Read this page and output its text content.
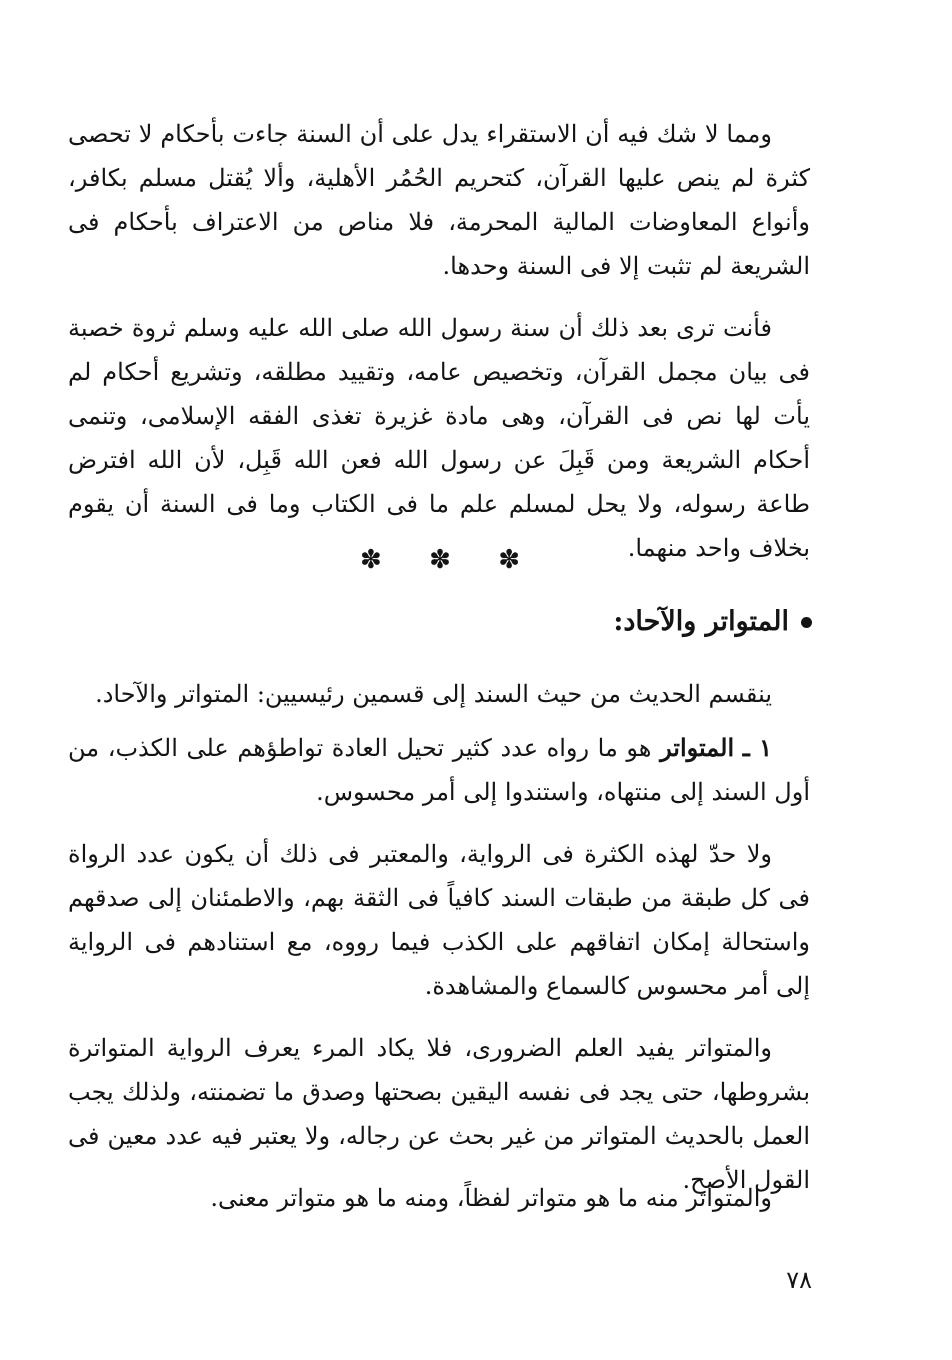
ومما لا شك فيه أن الاستقراء يدل على أن السنة جاءت بأحكام لا تحصى كثرة لم ينص عليها القرآن، كتحريم الحُمُر الأهلية، وألا يُقتل مسلم بكافر، وأنواع المعاوضات المالية المحرمة، فلا مناص من الاعتراف بأحكام فى الشريعة لم تثبت إلا فى السنة وحدها.

فأنت ترى بعد ذلك أن سنة رسول الله صلى الله عليه وسلم ثروة خصبة فى بيان مجمل القرآن، وتخصيص عامه، وتقييد مطلقه، وتشريع أحكام لم يأت لها نص فى القرآن، وهى مادة غزيرة تغذى الفقه الإسلامى، وتنمى أحكام الشريعة ومن قَبِلَ عن رسول الله فعن الله قَبِل، لأن الله افترض طاعة رسوله، ولا يحل لمسلم علم ما فى الكتاب وما فى السنة أن يقوم بخلاف واحد منهما.

✽
✽
✽
المتواتر والآحاد:

ينقسم الحديث من حيث السند إلى قسمين رئيسيين: المتواتر والآحاد.

١ ـ المتواتر هو ما رواه عدد كثير تحيل العادة تواطؤهم على الكذب، من أول السند إلى منتهاه، واستندوا إلى أمر محسوس.

ولا حدّ لهذه الكثرة فى الرواية، والمعتبر فى ذلك أن يكون عدد الرواة فى كل طبقة من طبقات السند كافياً فى الثقة بهم، والاطمئنان إلى صدقهم واستحالة إمكان اتفاقهم على الكذب فيما رووه، مع استنادهم فى الرواية إلى أمر محسوس كالسماع والمشاهدة.

والمتواتر يفيد العلم الضرورى، فلا يكاد المرء يعرف الرواية المتواترة بشروطها، حتى يجد فى نفسه اليقين بصحتها وصدق ما تضمنته، ولذلك يجب العمل بالحديث المتواتر من غير بحث عن رجاله، ولا يعتبر فيه عدد معين فى القول الأصح.

والمتواتر منه ما هو متواتر لفظاً، ومنه ما هو متواتر معنى.

٧٨
